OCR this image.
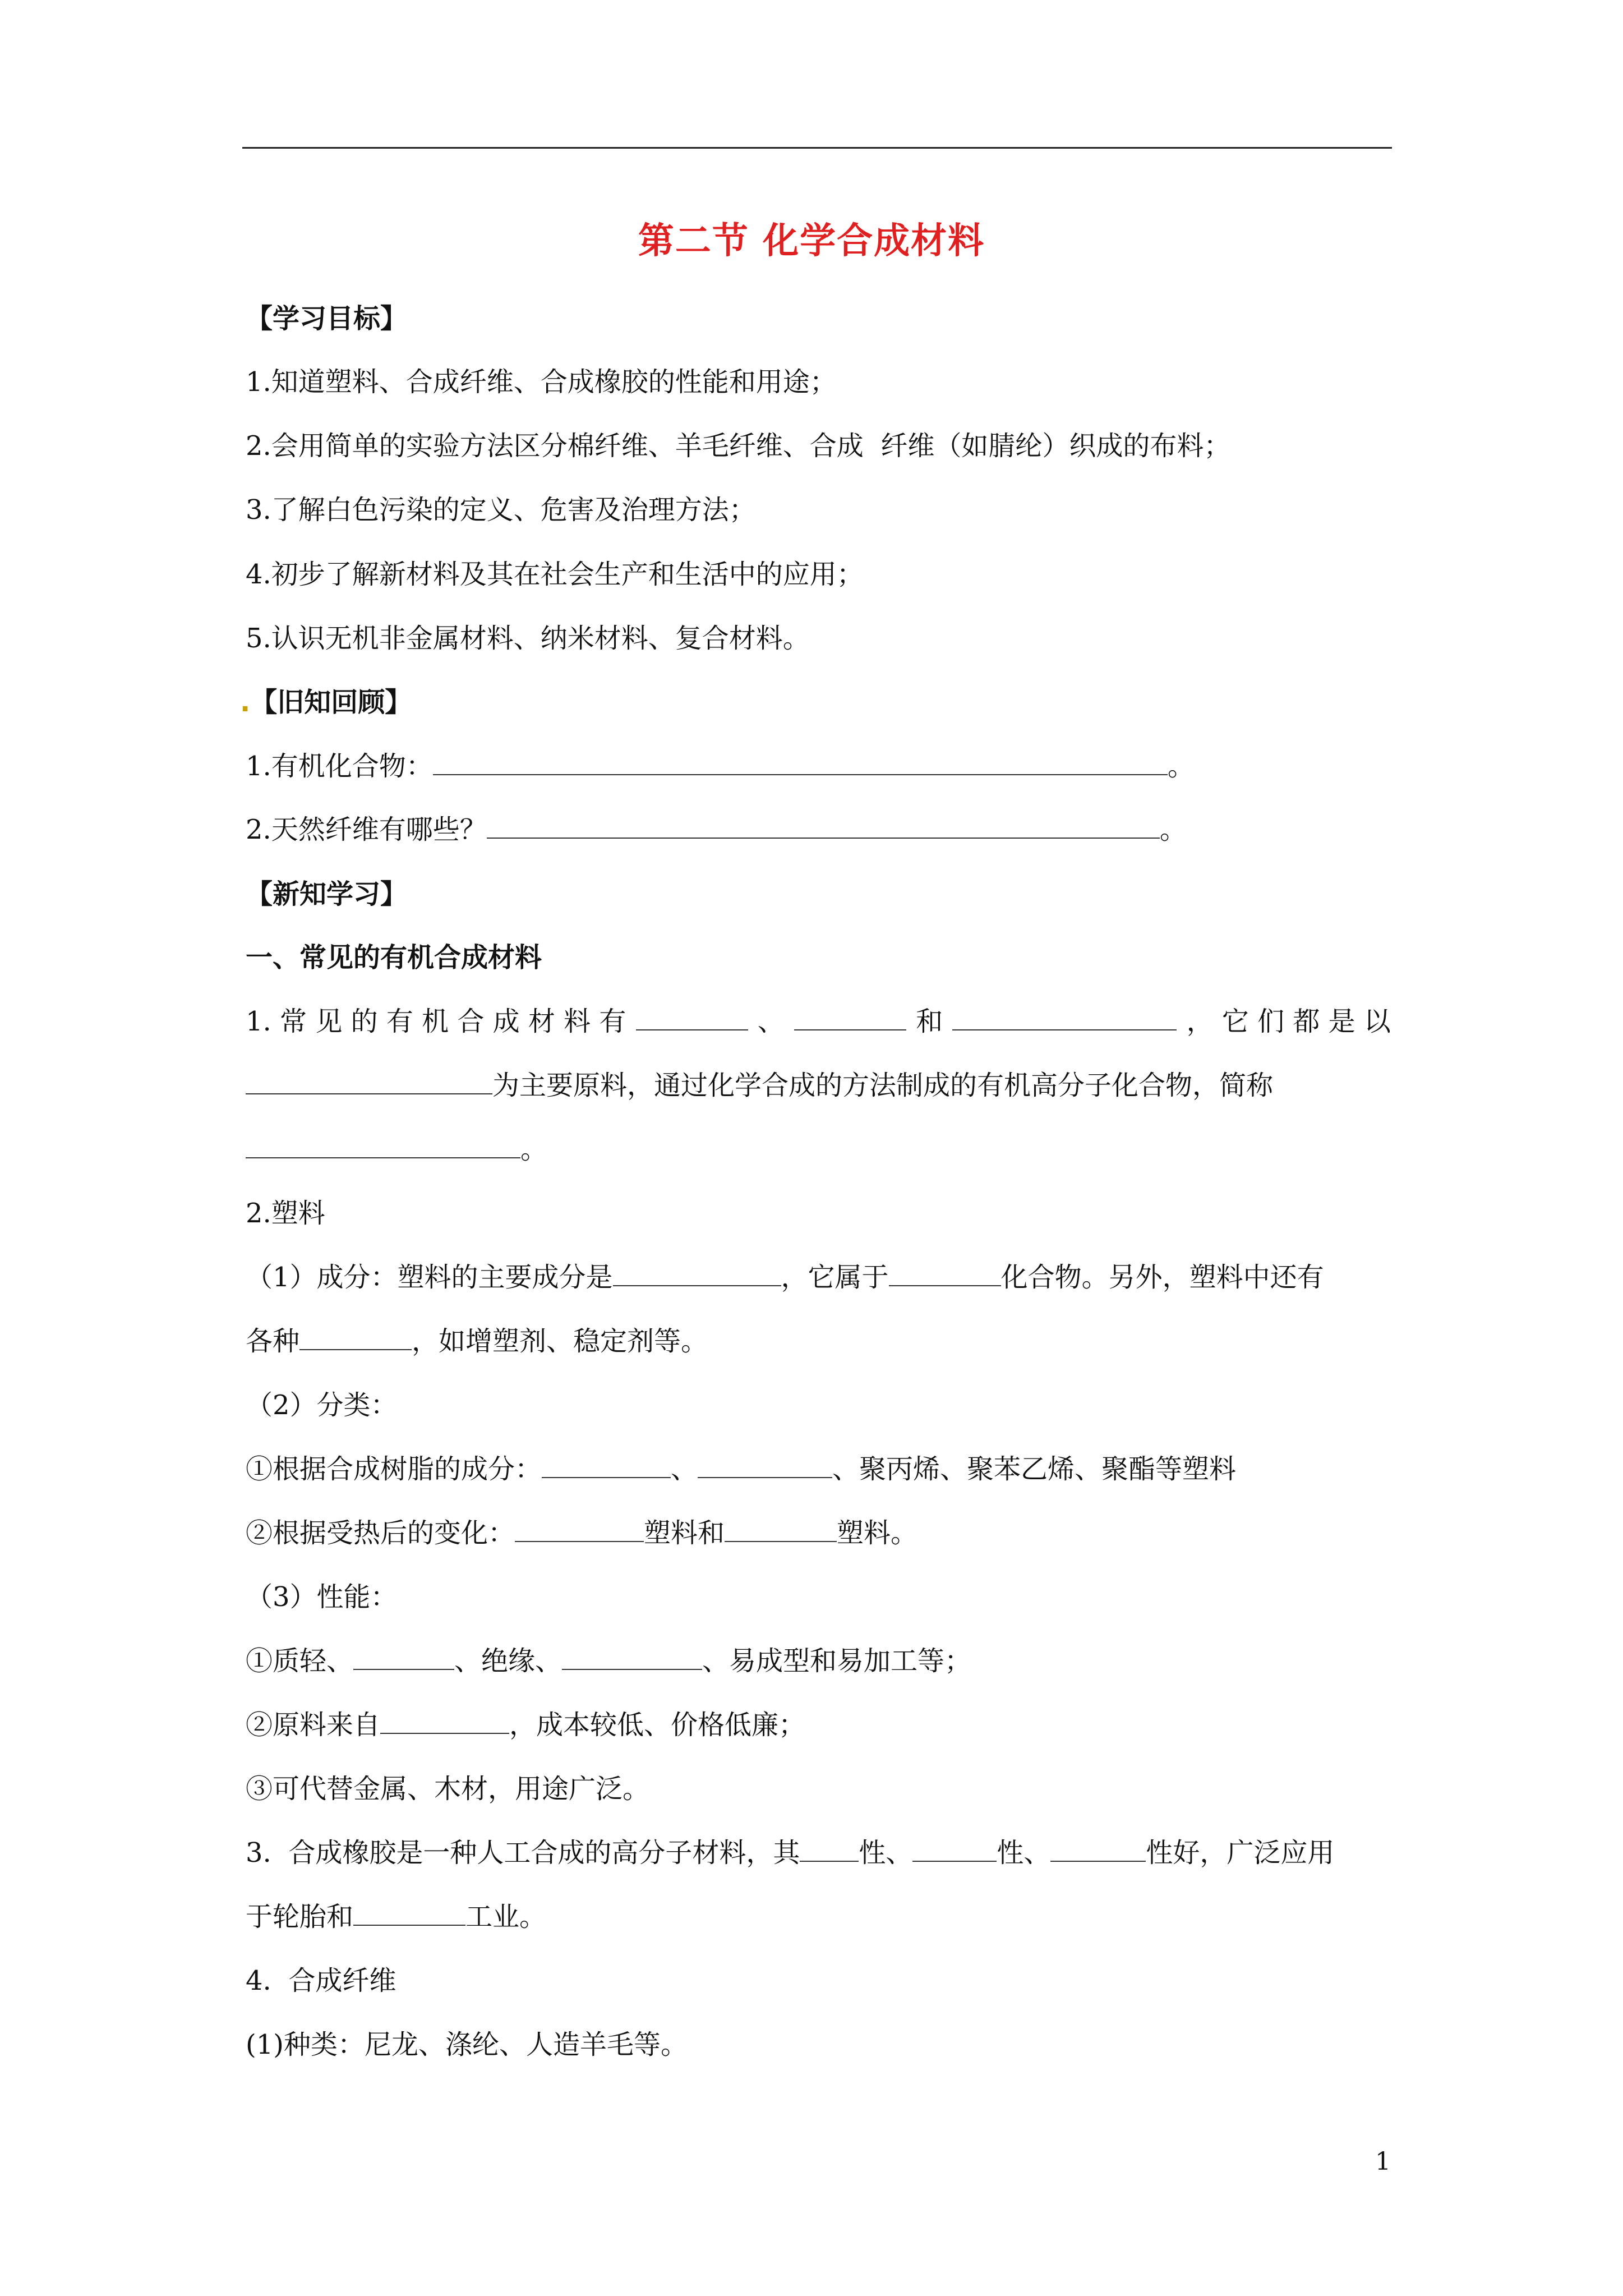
第二节 化学合成材料
【学习目标】
1.知道塑料、合成纤维、合成橡胶的性能和用途；
2.会用简单的实验方法区分棉纤维、羊毛纤维、合成  纤维（如腈纶）织成的布料；
3.了解白色污染的定义、危害及治理方法；
4.初步了解新材料及其在社会生产和生活中的应用；
5.认识无机非金属材料、纳米材料、复合材料。
.【旧知回顾】
1.有机化合物：	。
2.天然纤维有哪些？	。
【新知学习】
一、常见的有机合成材料
1. 常 见 的 有 机 合 成 材 料 有	、	和	， 它 们 都 是 以
为主要原料，通过化学合成的方法制成的有机高分子化合物，简称
。
2.塑料
（1）成分：塑料的主要成分是	，它属于	化合物。另外，塑料中还有
各种	，如增塑剂、稳定剂等。
（2）分类：
①根据合成树脂的成分：	、	、聚丙烯、聚苯乙烯、聚酯等塑料
②根据受热后的变化：	塑料和	塑料。
（3）性能：
①质轻、	、绝缘、	、易成型和易加工等；
②原料来自	，成本较低、价格低廉；
③可代替金属、木材，用途广泛。
3.  合成橡胶是一种人工合成的高分子材料，其 性、	性、	性好，广泛应用
于轮胎和	工业。
4.  合成纤维
(1)种类：尼龙、涤纶、人造羊毛等。
1
